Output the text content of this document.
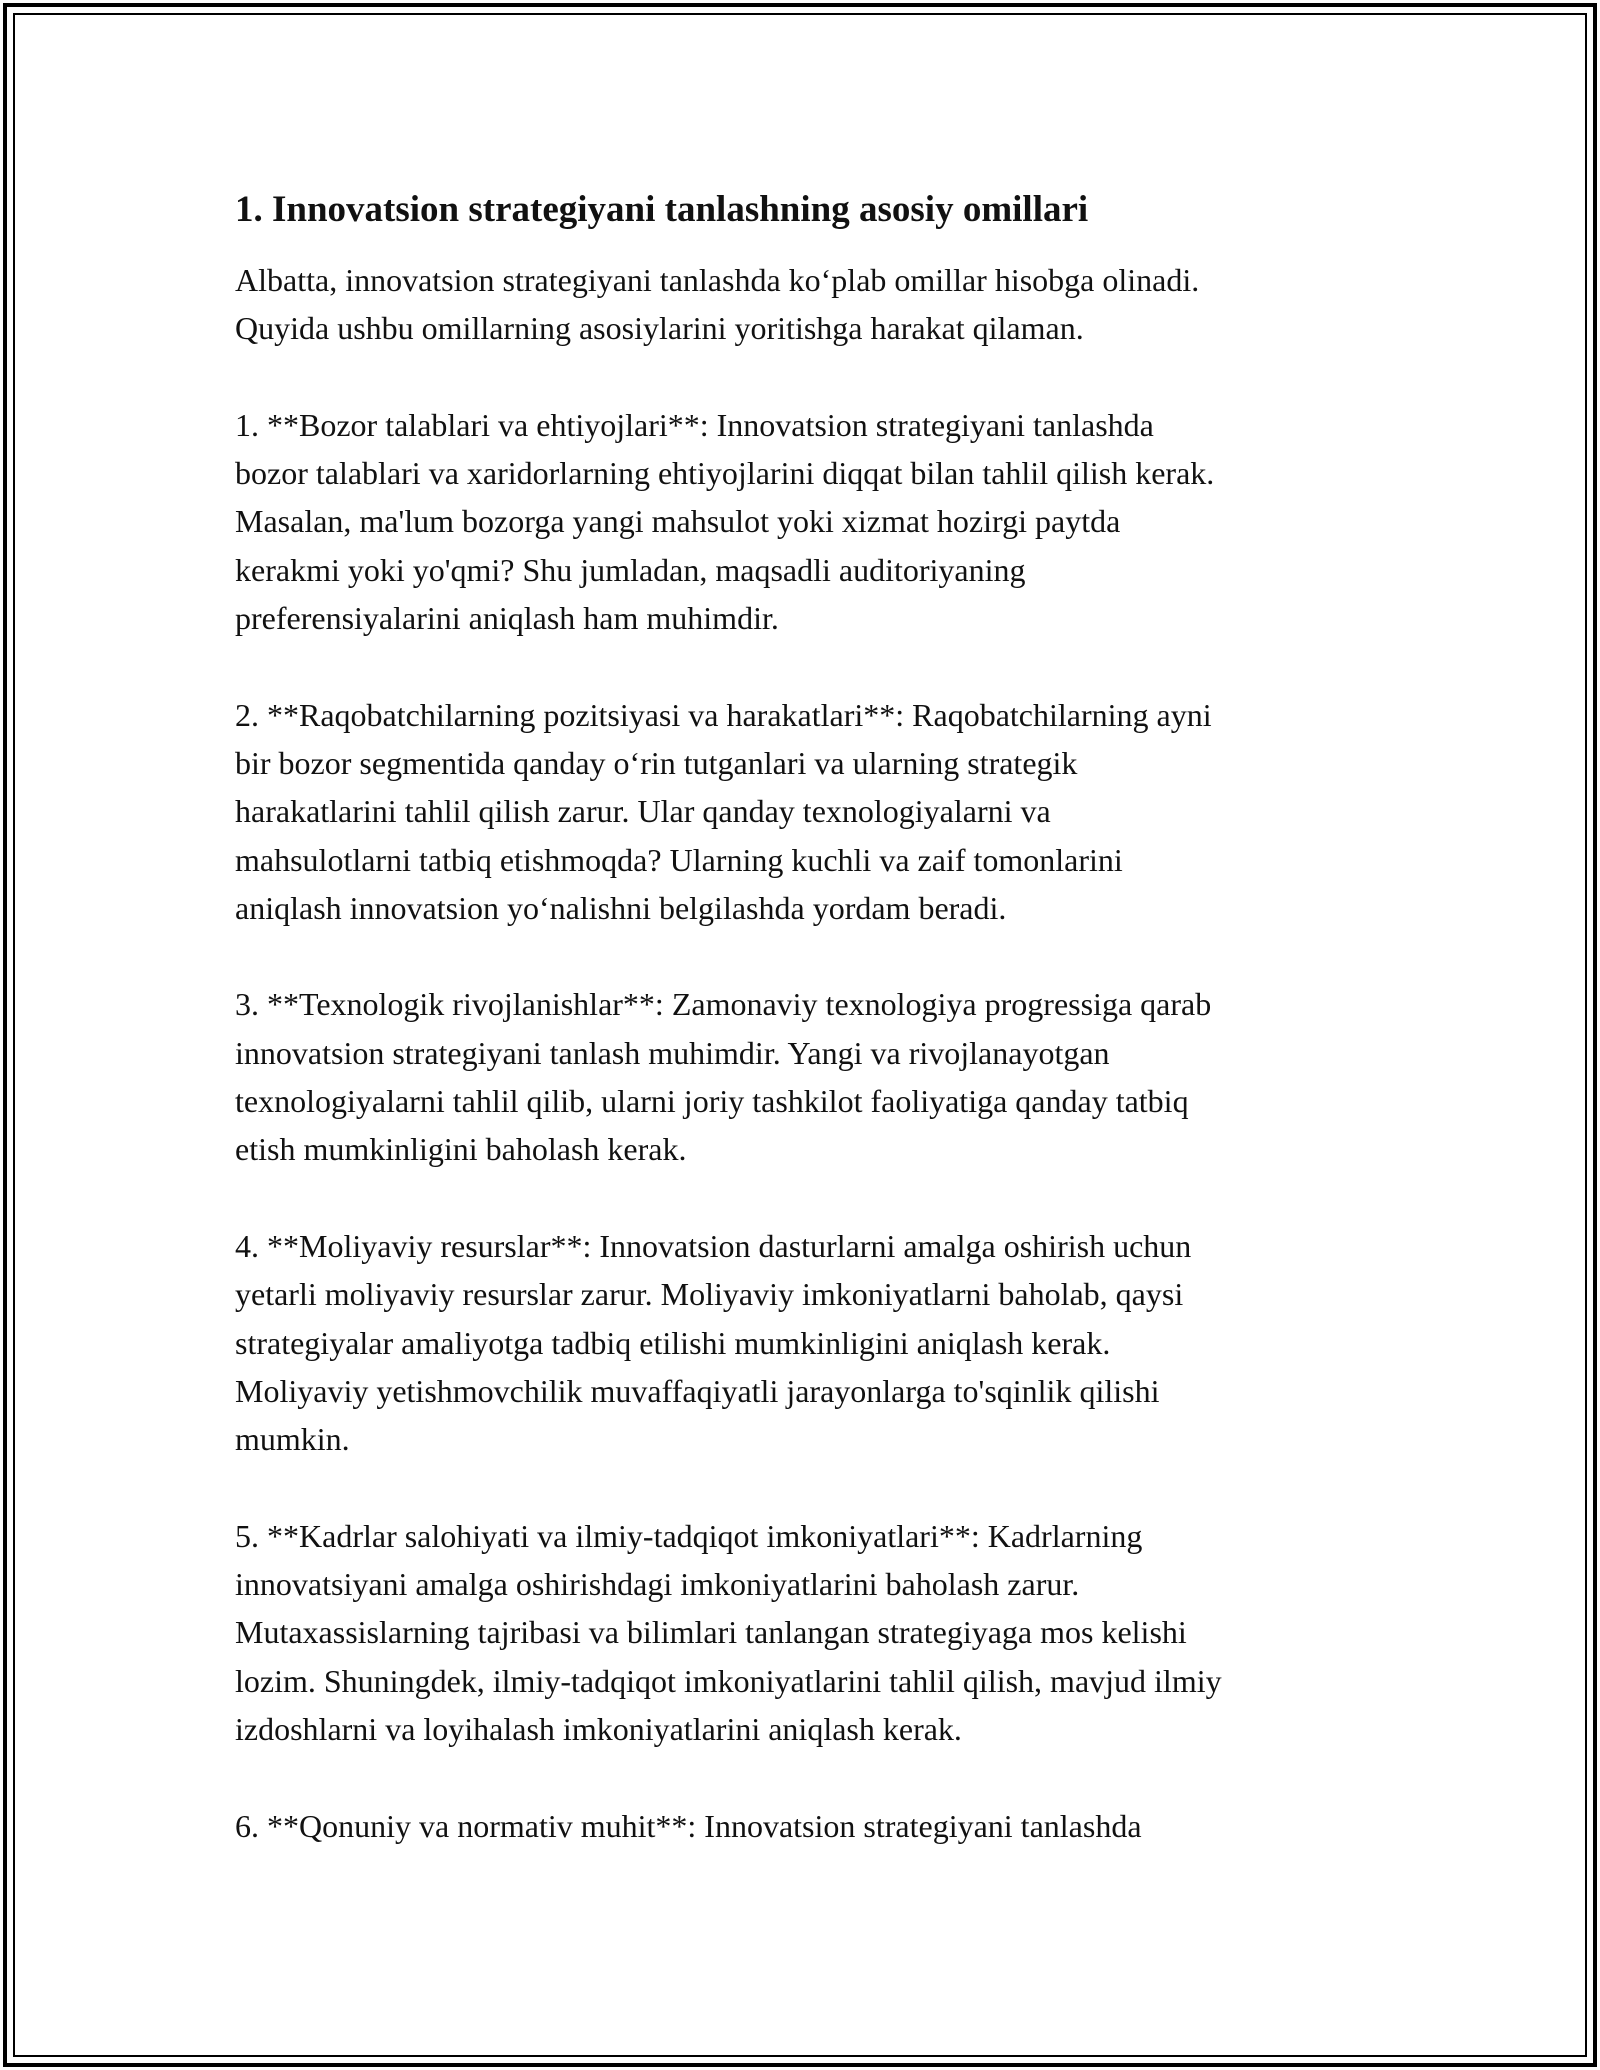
1. Innovatsion strategiyani tanlashning asosiy omillari

Albatta, innovatsion strategiyani tanlashda ko‘plab omillar hisobga olinadi.
Quyida ushbu omillarning asosiylarini yoritishga harakat qilaman.

1. **Bozor talablari va ehtiyojlari**: Innovatsion strategiyani tanlashda
bozor talablari va xaridorlarning ehtiyojlarini diqqat bilan tahlil qilish kerak.
Masalan, ma'lum bozorga yangi mahsulot yoki xizmat hozirgi paytda
kerakmi yoki yo'qmi? Shu jumladan, maqsadli auditoriyaning
preferensiyalarini aniqlash ham muhimdir.

2. **Raqobatchilarning pozitsiyasi va harakatlari**: Raqobatchilarning ayni
bir bozor segmentida qanday o‘rin tutganlari va ularning strategik
harakatlarini tahlil qilish zarur. Ular qanday texnologiyalarni va
mahsulotlarni tatbiq etishmoqda? Ularning kuchli va zaif tomonlarini
aniqlash innovatsion yo‘nalishni belgilashda yordam beradi.

3. **Texnologik rivojlanishlar**: Zamonaviy texnologiya progressiga qarab
innovatsion strategiyani tanlash muhimdir. Yangi va rivojlanayotgan
texnologiyalarni tahlil qilib, ularni joriy tashkilot faoliyatiga qanday tatbiq
etish mumkinligini baholash kerak.

4. **Moliyaviy resurslar**: Innovatsion dasturlarni amalga oshirish uchun
yetarli moliyaviy resurslar zarur. Moliyaviy imkoniyatlarni baholab, qaysi
strategiyalar amaliyotga tadbiq etilishi mumkinligini aniqlash kerak.
Moliyaviy yetishmovchilik muvaffaqiyatli jarayonlarga to'sqinlik qilishi
mumkin.

5. **Kadrlar salohiyati va ilmiy-tadqiqot imkoniyatlari**: Kadrlarning
innovatsiyani amalga oshirishdagi imkoniyatlarini baholash zarur.
Mutaxassislarning tajribasi va bilimlari tanlangan strategiyaga mos kelishi
lozim. Shuningdek, ilmiy-tadqiqot imkoniyatlarini tahlil qilish, mavjud ilmiy
izdoshlarni va loyihalash imkoniyatlarini aniqlash kerak.

6. **Qonuniy va normativ muhit**: Innovatsion strategiyani tanlashda
